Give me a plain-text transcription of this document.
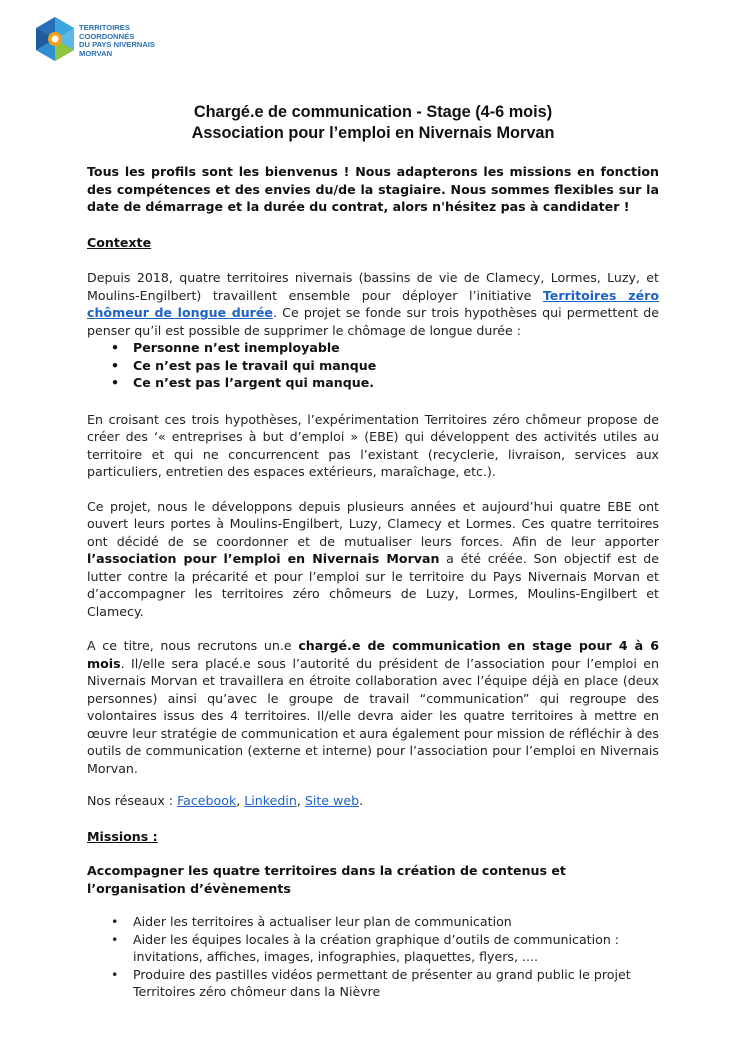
TERRITOIRES
COORDONNÉS
DU PAYS NIVERNAIS
MORVAN
Chargé.e de communication - Stage (4-6 mois)
Association pour l’emploi en Nivernais Morvan

Tous les profils sont les bienvenus ! Nous adapterons les missions en fonction des compétences et des envies du/de la stagiaire. Nous sommes flexibles sur la date de démarrage et la durée du contrat, alors n'hésitez pas à candidater !

Contexte

Depuis 2018, quatre territoires nivernais (bassins de vie de Clamecy, Lormes, Luzy, et Moulins-Engilbert) travaillent ensemble pour déployer l’initiative Territoires zéro chômeur de longue durée. Ce projet se fonde sur trois hypothèses qui permettent de penser qu’il est possible de supprimer le chômage de longue durée :

• Personne n’est inemployable
• Ce n’est pas le travail qui manque
• Ce n’est pas l’argent qui manque.

En croisant ces trois hypothèses, l’expérimentation Territoires zéro chômeur propose de créer des ‘« entreprises à but d’emploi » (EBE) qui développent des activités utiles au territoire et qui ne concurrencent pas l’existant (recyclerie, livraison, services aux particuliers, entretien des espaces extérieurs, maraîchage, etc.).

Ce projet, nous le développons depuis plusieurs années et aujourd’hui quatre EBE ont ouvert leurs portes à Moulins-Engilbert, Luzy, Clamecy et Lormes. Ces quatre territoires ont décidé de se coordonner et de mutualiser leurs forces. Afin de leur apporter l’association pour l’emploi en Nivernais Morvan a été créée. Son objectif est de lutter contre la précarité et pour l’emploi sur le territoire du Pays Nivernais Morvan et d’accompagner les territoires zéro chômeurs de Luzy, Lormes, Moulins-Engilbert et Clamecy.

A ce titre, nous recrutons un.e chargé.e de communication en stage pour 4 à 6 mois. Il/elle sera placé.e sous l’autorité du président de l’association pour l’emploi en Nivernais Morvan et travaillera en étroite collaboration avec l’équipe déjà en place (deux personnes) ainsi qu’avec le groupe de travail “communication” qui regroupe des volontaires issus des 4 territoires. Il/elle devra aider les quatre territoires à mettre en œuvre leur stratégie de communication et aura également pour mission de réfléchir à des outils de communication (externe et interne) pour l’association pour l’emploi en Nivernais Morvan.

Nos réseaux : Facebook, Linkedin, Site web.

Missions :

Accompagner les quatre territoires dans la création de contenus et l’organisation d’évènements

• Aider les territoires à actualiser leur plan de communication
• Aider les équipes locales à la création graphique d’outils de communication : invitations, affiches, images, infographies, plaquettes, flyers, ....
• Produire des pastilles vidéos permettant de présenter au grand public le projet Territoires zéro chômeur dans la Nièvre
